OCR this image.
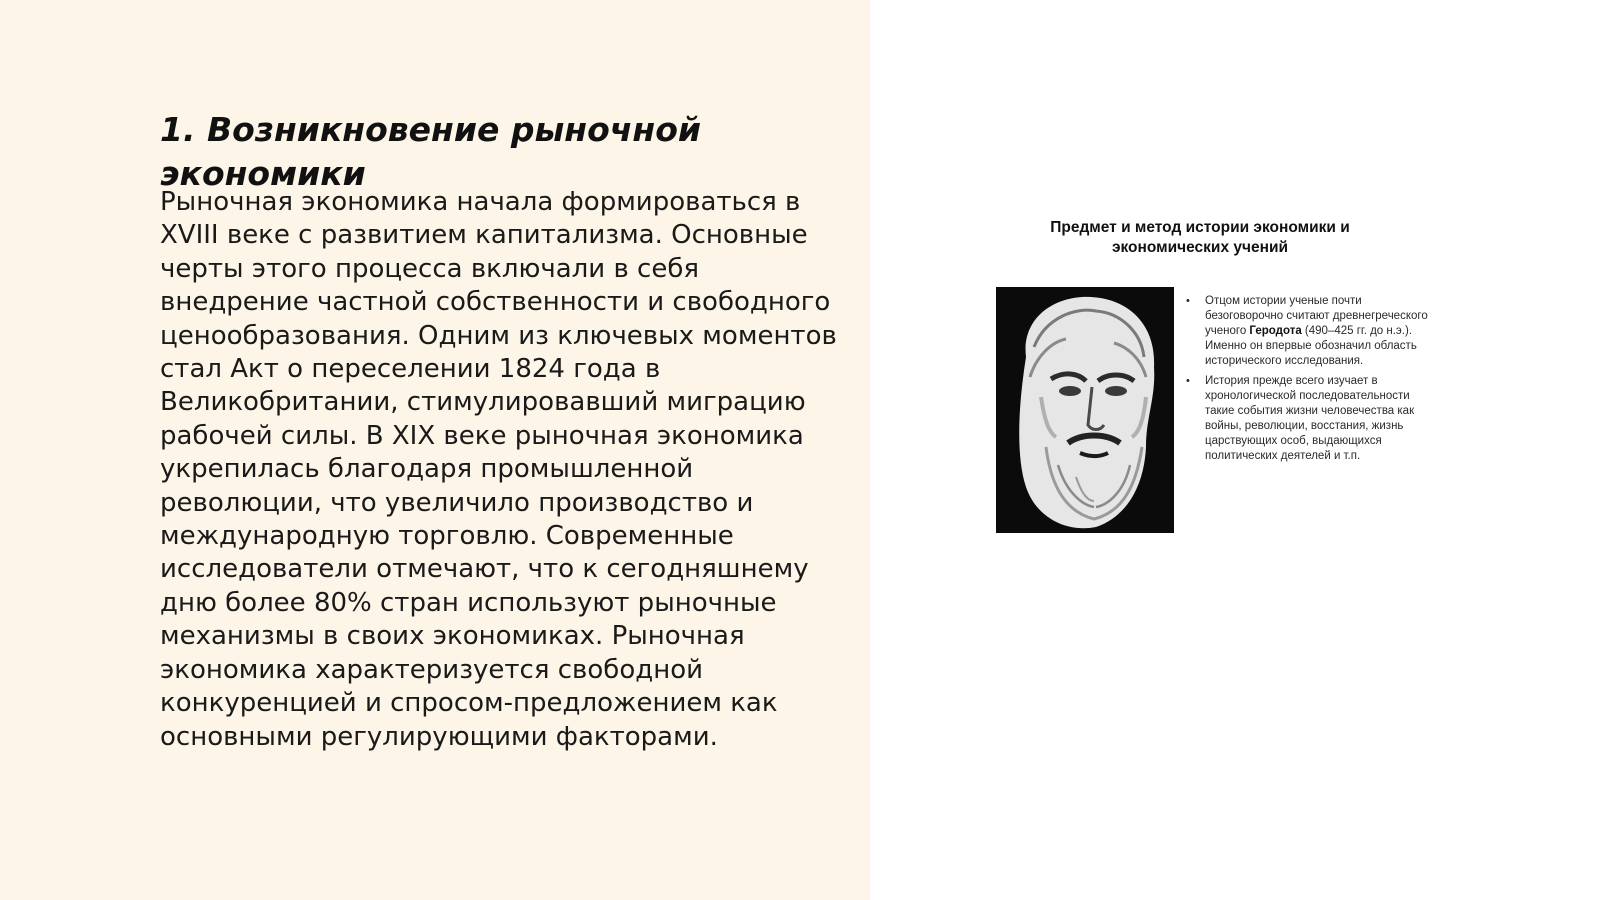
1. Возникновение рыночной экономики

Рыночная экономика начала формироваться в XVIII веке с развитием капитализма. Основные черты этого процесса включали в себя внедрение частной собственности и свободного ценообразования. Одним из ключевых моментов стал Акт о переселении 1824 года в Великобритании, стимулировавший миграцию рабочей силы. В XIX веке рыночная экономика укрепилась благодаря промышленной революции, что увеличило производство и международную торговлю. Современные исследователи отмечают, что к сегодняшнему дню более 80% стран используют рыночные механизмы в своих экономиках. Рыночная экономика характеризуется свободной конкуренцией и спросом-предложением как основными регулирующими факторами.

Предмет и метод истории экономики и экономических учений

• Отцом истории ученые почти безоговорочно считают древнегреческого ученого Геродота (490–425 гг. до н.э.). Именно он впервые обозначил область исторического исследования.
• История прежде всего изучает в хронологической последовательности такие события жизни человечества как войны, революции, восстания, жизнь царствующих особ, выдающихся политических деятелей и т.п.
